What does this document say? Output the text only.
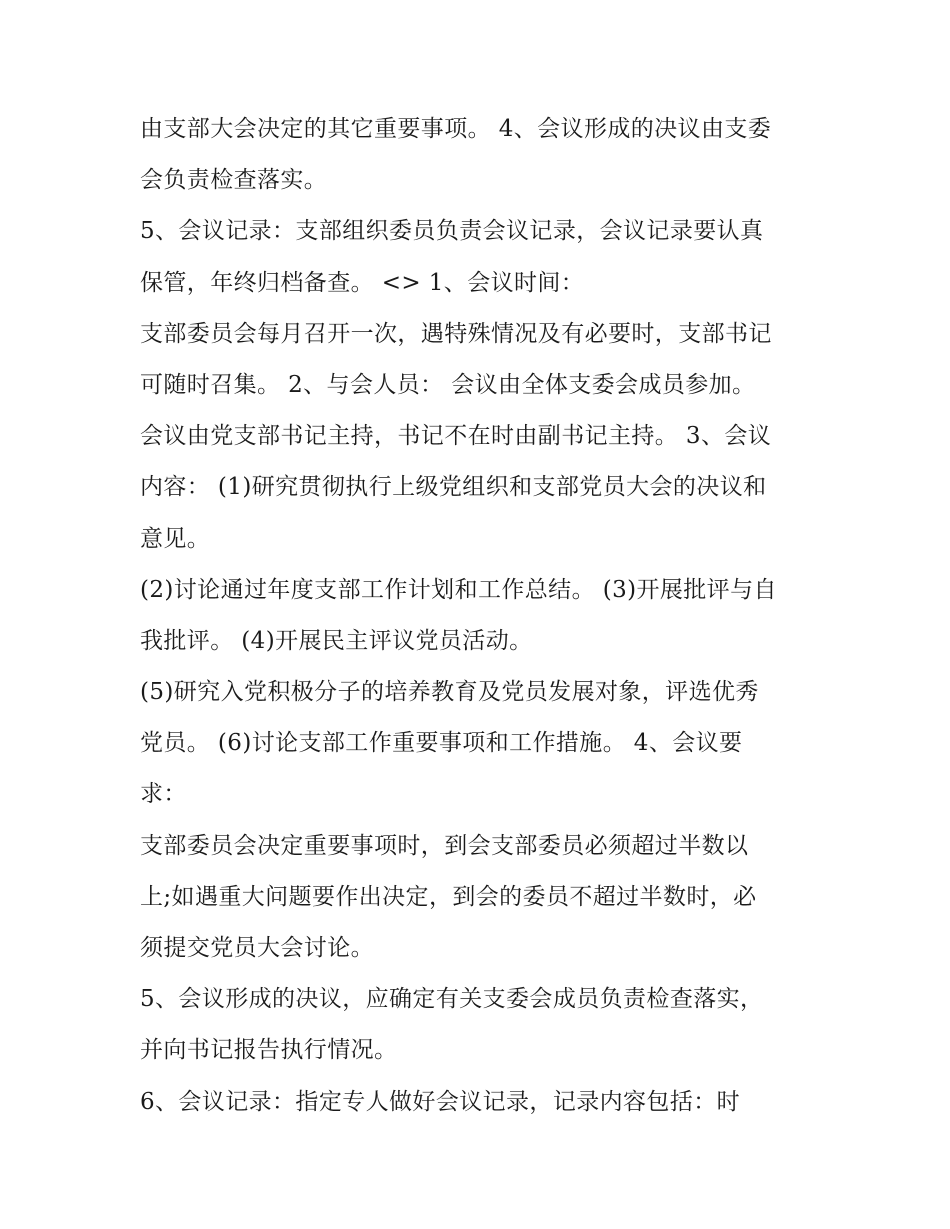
由支部大会决定的其它重要事项。 4、会议形成的决议由支委
会负责检查落实。
5、会议记录：支部组织委员负责会议记录，会议记录要认真
保管，年终归档备查。 <> 1、会议时间：
支部委员会每月召开一次，遇特殊情况及有必要时，支部书记
可随时召集。 2、与会人员： 会议由全体支委会成员参加。
会议由党支部书记主持，书记不在时由副书记主持。 3、会议
内容： (1)研究贯彻执行上级党组织和支部党员大会的决议和
意见。
(2)讨论通过年度支部工作计划和工作总结。 (3)开展批评与自
我批评。 (4)开展民主评议党员活动。
(5)研究入党积极分子的培养教育及党员发展对象，评选优秀
党员。 (6)讨论支部工作重要事项和工作措施。 4、会议要
求：
支部委员会决定重要事项时，到会支部委员必须超过半数以
上;如遇重大问题要作出决定，到会的委员不超过半数时，必
须提交党员大会讨论。
5、会议形成的决议，应确定有关支委会成员负责检查落实，
并向书记报告执行情况。
6、会议记录：指定专人做好会议记录，记录内容包括：时
